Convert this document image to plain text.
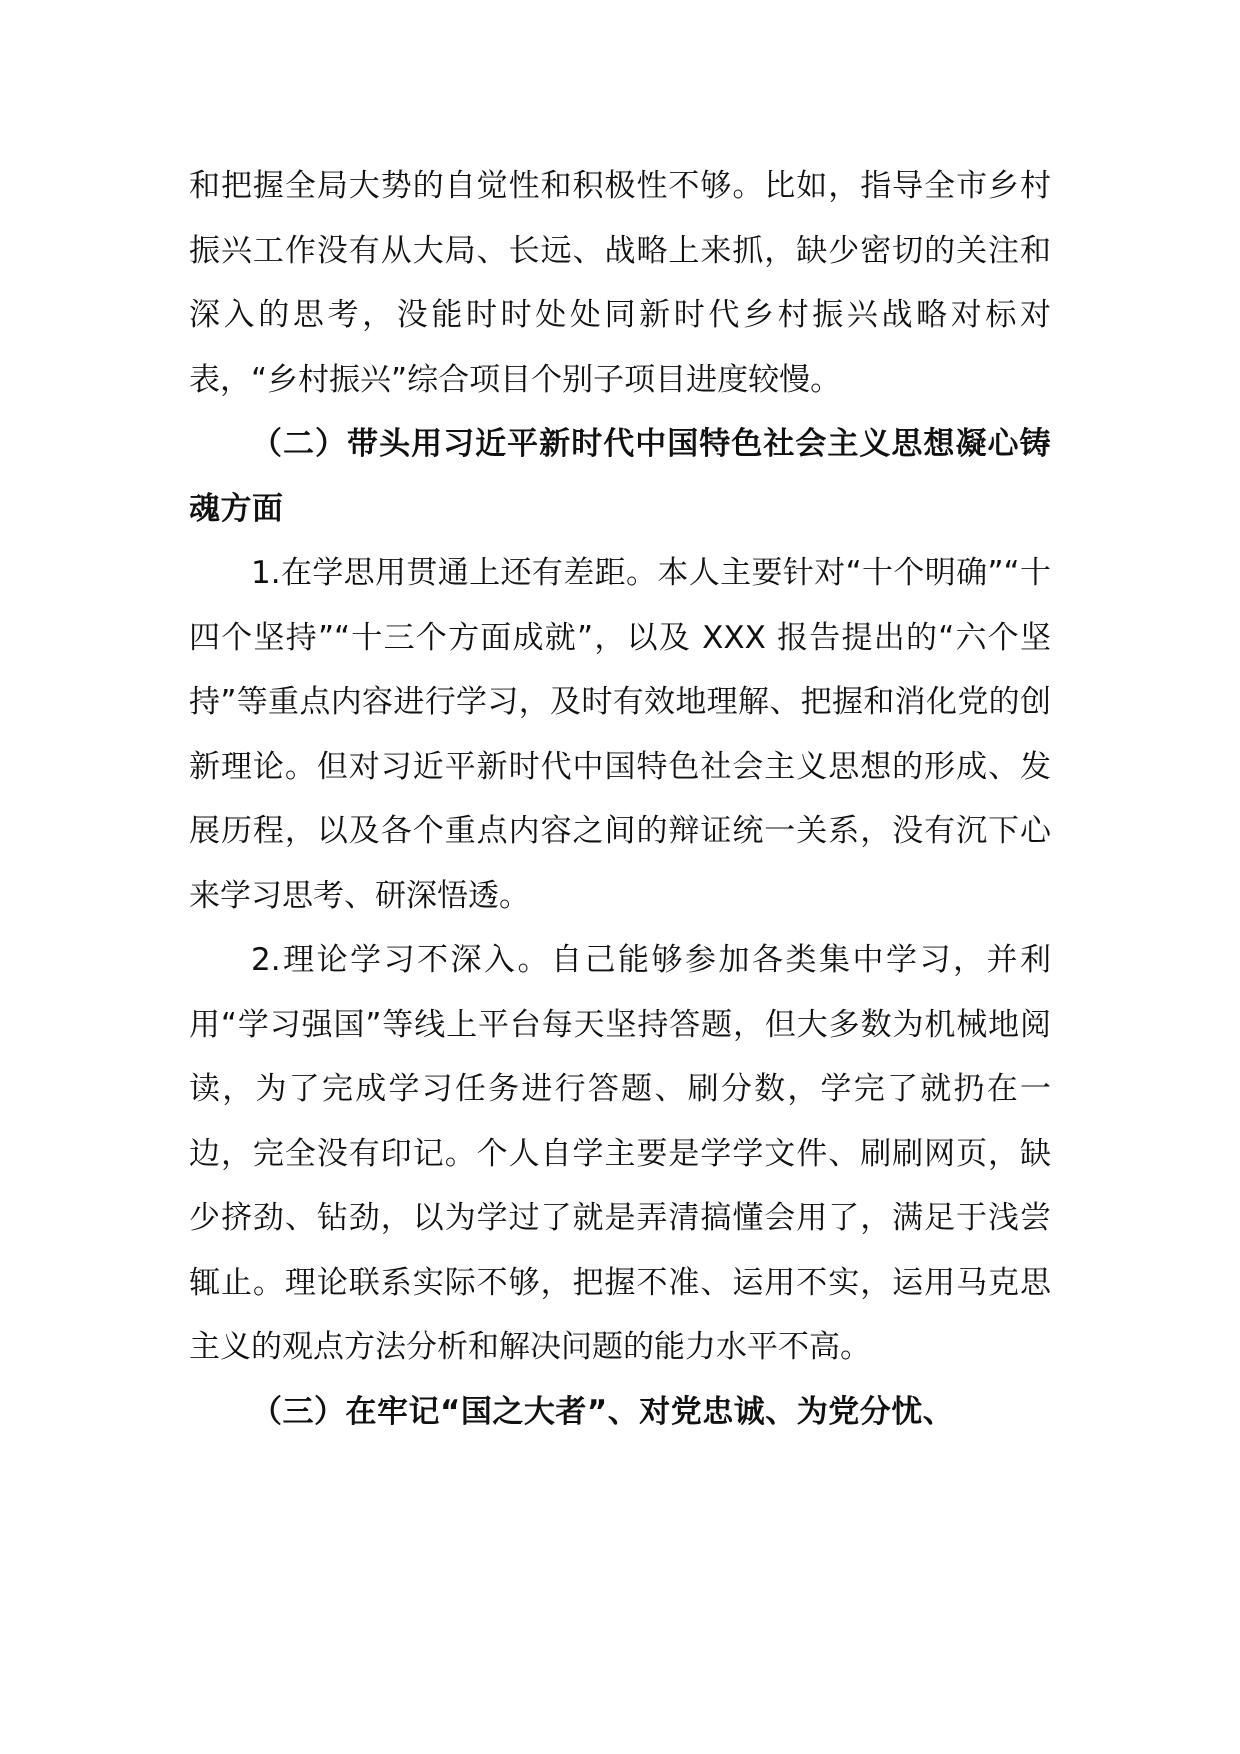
和把握全局大势的自觉性和积极性不够。比如，指导全市乡村振兴工作没有从大局、长远、战略上来抓，缺少密切的关注和深入的思考，没能时时处处同新时代乡村振兴战略对标对表，“乡村振兴”综合项目个别子项目进度较慢。

（二）带头用习近平新时代中国特色社会主义思想凝心铸魂方面

1.在学思用贯通上还有差距。本人主要针对“十个明确”“十四个坚持”“十三个方面成就”，以及 XXX 报告提出的“六个坚持”等重点内容进行学习，及时有效地理解、把握和消化党的创新理论。但对习近平新时代中国特色社会主义思想的形成、发展历程，以及各个重点内容之间的辩证统一关系，没有沉下心来学习思考、研深悟透。

2.理论学习不深入。自己能够参加各类集中学习，并利用“学习强国”等线上平台每天坚持答题，但大多数为机械地阅读，为了完成学习任务进行答题、刷分数，学完了就扔在一边，完全没有印记。个人自学主要是学学文件、刷刷网页，缺少挤劲、钻劲，以为学过了就是弄清搞懂会用了，满足于浅尝辄止。理论联系实际不够，把握不准、运用不实，运用马克思主义的观点方法分析和解决问题的能力水平不高。

（三）在牢记“国之大者”、对党忠诚、为党分忧、
